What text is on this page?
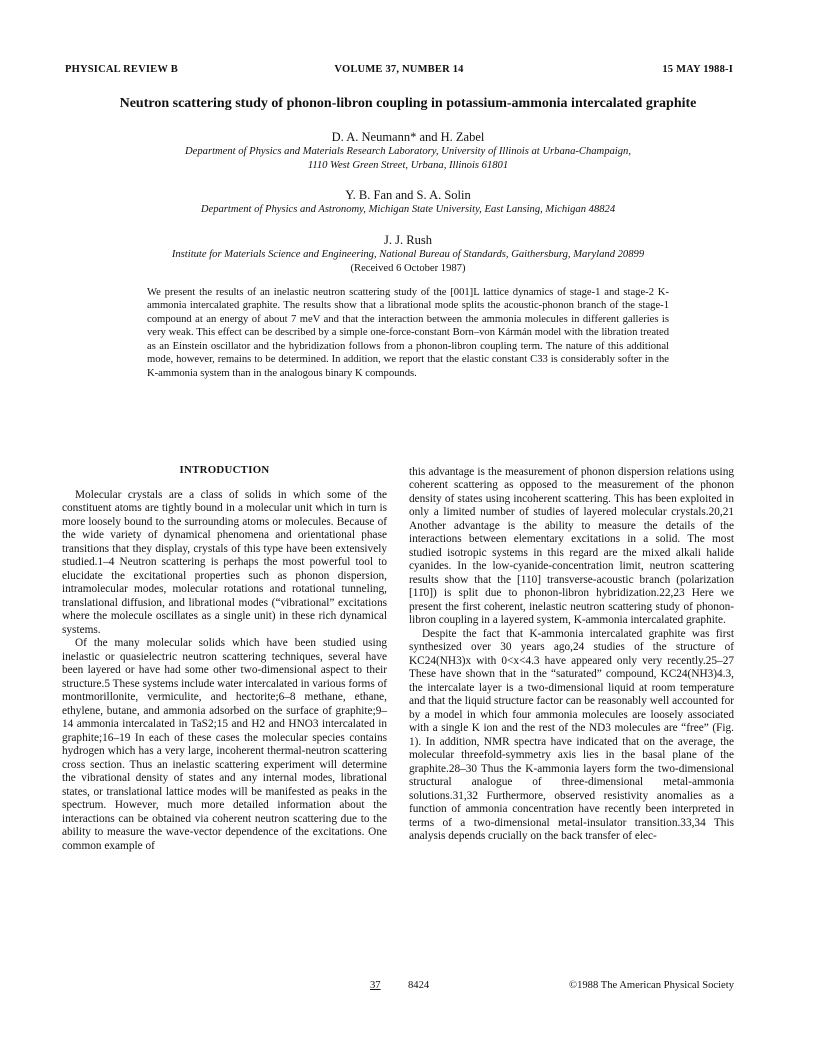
PHYSICAL REVIEW B	VOLUME 37, NUMBER 14	15 MAY 1988-I
Neutron scattering study of phonon-libron coupling in potassium-ammonia intercalated graphite
D. A. Neumann* and H. Zabel
Department of Physics and Materials Research Laboratory, University of Illinois at Urbana-Champaign,
1110 West Green Street, Urbana, Illinois 61801
Y. B. Fan and S. A. Solin
Department of Physics and Astronomy, Michigan State University, East Lansing, Michigan 48824
J. J. Rush
Institute for Materials Science and Engineering, National Bureau of Standards, Gaithersburg, Maryland 20899
(Received 6 October 1987)

We present the results of an inelastic neutron scattering study of the [001]L lattice dynamics of stage-1 and stage-2 K-ammonia intercalated graphite. The results show that a librational mode splits the acoustic-phonon branch of the stage-1 compound at an energy of about 7 meV and that the interaction between the ammonia molecules in different galleries is very weak. This effect can be described by a simple one-force-constant Born–von Kármán model with the libration treated as an Einstein oscillator and the hybridization follows from a phonon-libron coupling term. The nature of this additional mode, however, remains to be determined. In addition, we report that the elastic constant C33 is considerably softer in the K-ammonia system than in the analogous binary K compounds.

INTRODUCTION

Molecular crystals are a class of solids in which some of the constituent atoms are tightly bound in a molecular unit which in turn is more loosely bound to the surrounding atoms or molecules. Because of the wide variety of dynamical phenomena and orientational phase transitions that they display, crystals of this type have been extensively studied.1–4 Neutron scattering is perhaps the most powerful tool to elucidate the excitational properties such as phonon dispersion, intramolecular modes, molecular rotations and rotational tunneling, translational diffusion, and librational modes (“vibrational” excitations where the molecule oscillates as a single unit) in these rich dynamical systems.

Of the many molecular solids which have been studied using inelastic or quasielectric neutron scattering techniques, several have been layered or have had some other two-dimensional aspect to their structure.5 These systems include water intercalated in various forms of montmorillonite, vermiculite, and hectorite;6–8 methane, ethane, ethylene, butane, and ammonia adsorbed on the surface of graphite;9–14 ammonia intercalated in TaS2;15 and H2 and HNO3 intercalated in graphite;16–19 In each of these cases the molecular species contains hydrogen which has a very large, incoherent thermal-neutron scattering cross section. Thus an inelastic scattering experiment will determine the vibrational density of states and any internal modes, librational states, or translational lattice modes will be manifested as peaks in the spectrum. However, much more detailed information about the interactions can be obtained via coherent neutron scattering due to the ability to measure the wave-vector dependence of the excitations. One common example of

this advantage is the measurement of phonon dispersion relations using coherent scattering as opposed to the measurement of the phonon density of states using incoherent scattering. This has been exploited in only a limited number of studies of layered molecular crystals.20,21 Another advantage is the ability to measure the details of the interactions between elementary excitations in a solid. The most studied isotropic systems in this regard are the mixed alkali halide cyanides. In the low-cyanide-concentration limit, neutron scattering results show that the [110] transverse-acoustic branch (polarization [11̄0]) is split due to phonon-libron hybridization.22,23 Here we present the first coherent, inelastic neutron scattering study of phonon-libron coupling in a layered system, K-ammonia intercalated graphite.

Despite the fact that K-ammonia intercalated graphite was first synthesized over 30 years ago,24 studies of the structure of KC24(NH3)x with 0<x<4.3 have appeared only very recently.25–27 These have shown that in the “saturated” compound, KC24(NH3)4.3, the intercalate layer is a two-dimensional liquid at room temperature and that the liquid structure factor can be reasonably well accounted for by a model in which four ammonia molecules are loosely associated with a single K ion and the rest of the ND3 molecules are “free” (Fig. 1). In addition, NMR spectra have indicated that on the average, the molecular threefold-symmetry axis lies in the basal plane of the graphite.28–30 Thus the K-ammonia layers form the two-dimensional structural analogue of three-dimensional metal-ammonia solutions.31,32 Furthermore, observed resistivity anomalies as a function of ammonia concentration have recently been interpreted in terms of a two-dimensional metal-insulator transition.33,34 This analysis depends crucially on the back transfer of elec-

37	8424	©1988 The American Physical Society
